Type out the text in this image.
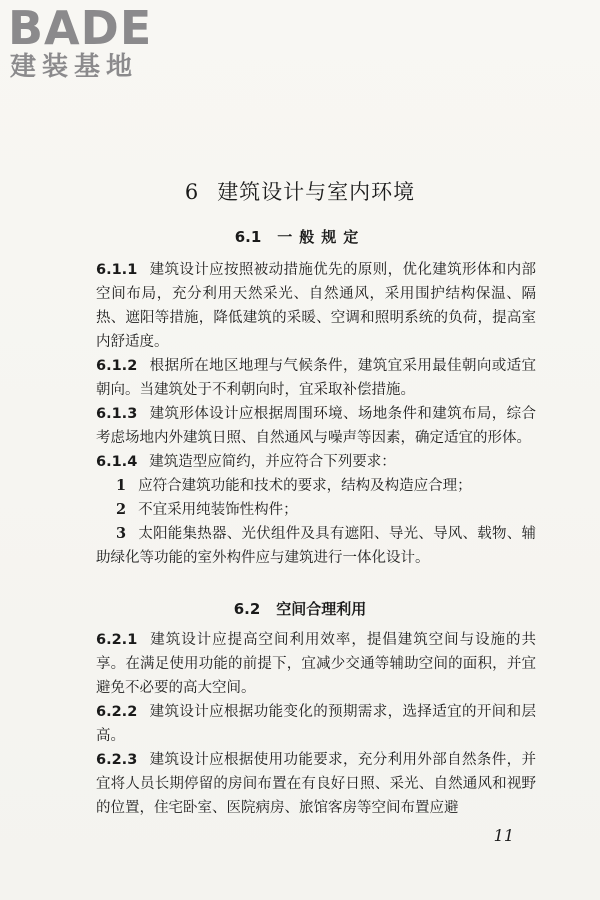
BADE
建装基地
6 建筑设计与室内环境
6.1 一般规定

6.1.1 建筑设计应按照被动措施优先的原则，优化建筑形体和内部空间布局，充分利用天然采光、自然通风，采用围护结构保温、隔热、遮阳等措施，降低建筑的采暖、空调和照明系统的负荷，提高室内舒适度。

6.1.2 根据所在地区地理与气候条件，建筑宜采用最佳朝向或适宜朝向。当建筑处于不利朝向时，宜采取补偿措施。

6.1.3 建筑形体设计应根据周围环境、场地条件和建筑布局，综合考虑场地内外建筑日照、自然通风与噪声等因素，确定适宜的形体。

6.1.4 建筑造型应简约，并应符合下列要求：

1 应符合建筑功能和技术的要求，结构及构造应合理；

2 不宜采用纯装饰性构件；

3 太阳能集热器、光伏组件及具有遮阳、导光、导风、载物、辅助绿化等功能的室外构件应与建筑进行一体化设计。

6.2 空间合理利用

6.2.1 建筑设计应提高空间利用效率，提倡建筑空间与设施的共享。在满足使用功能的前提下，宜减少交通等辅助空间的面积，并宜避免不必要的高大空间。

6.2.2 建筑设计应根据功能变化的预期需求，选择适宜的开间和层高。

6.2.3 建筑设计应根据使用功能要求，充分利用外部自然条件，并宜将人员长期停留的房间布置在有良好日照、采光、自然通风和视野的位置，住宅卧室、医院病房、旅馆客房等空间布置应避

11
